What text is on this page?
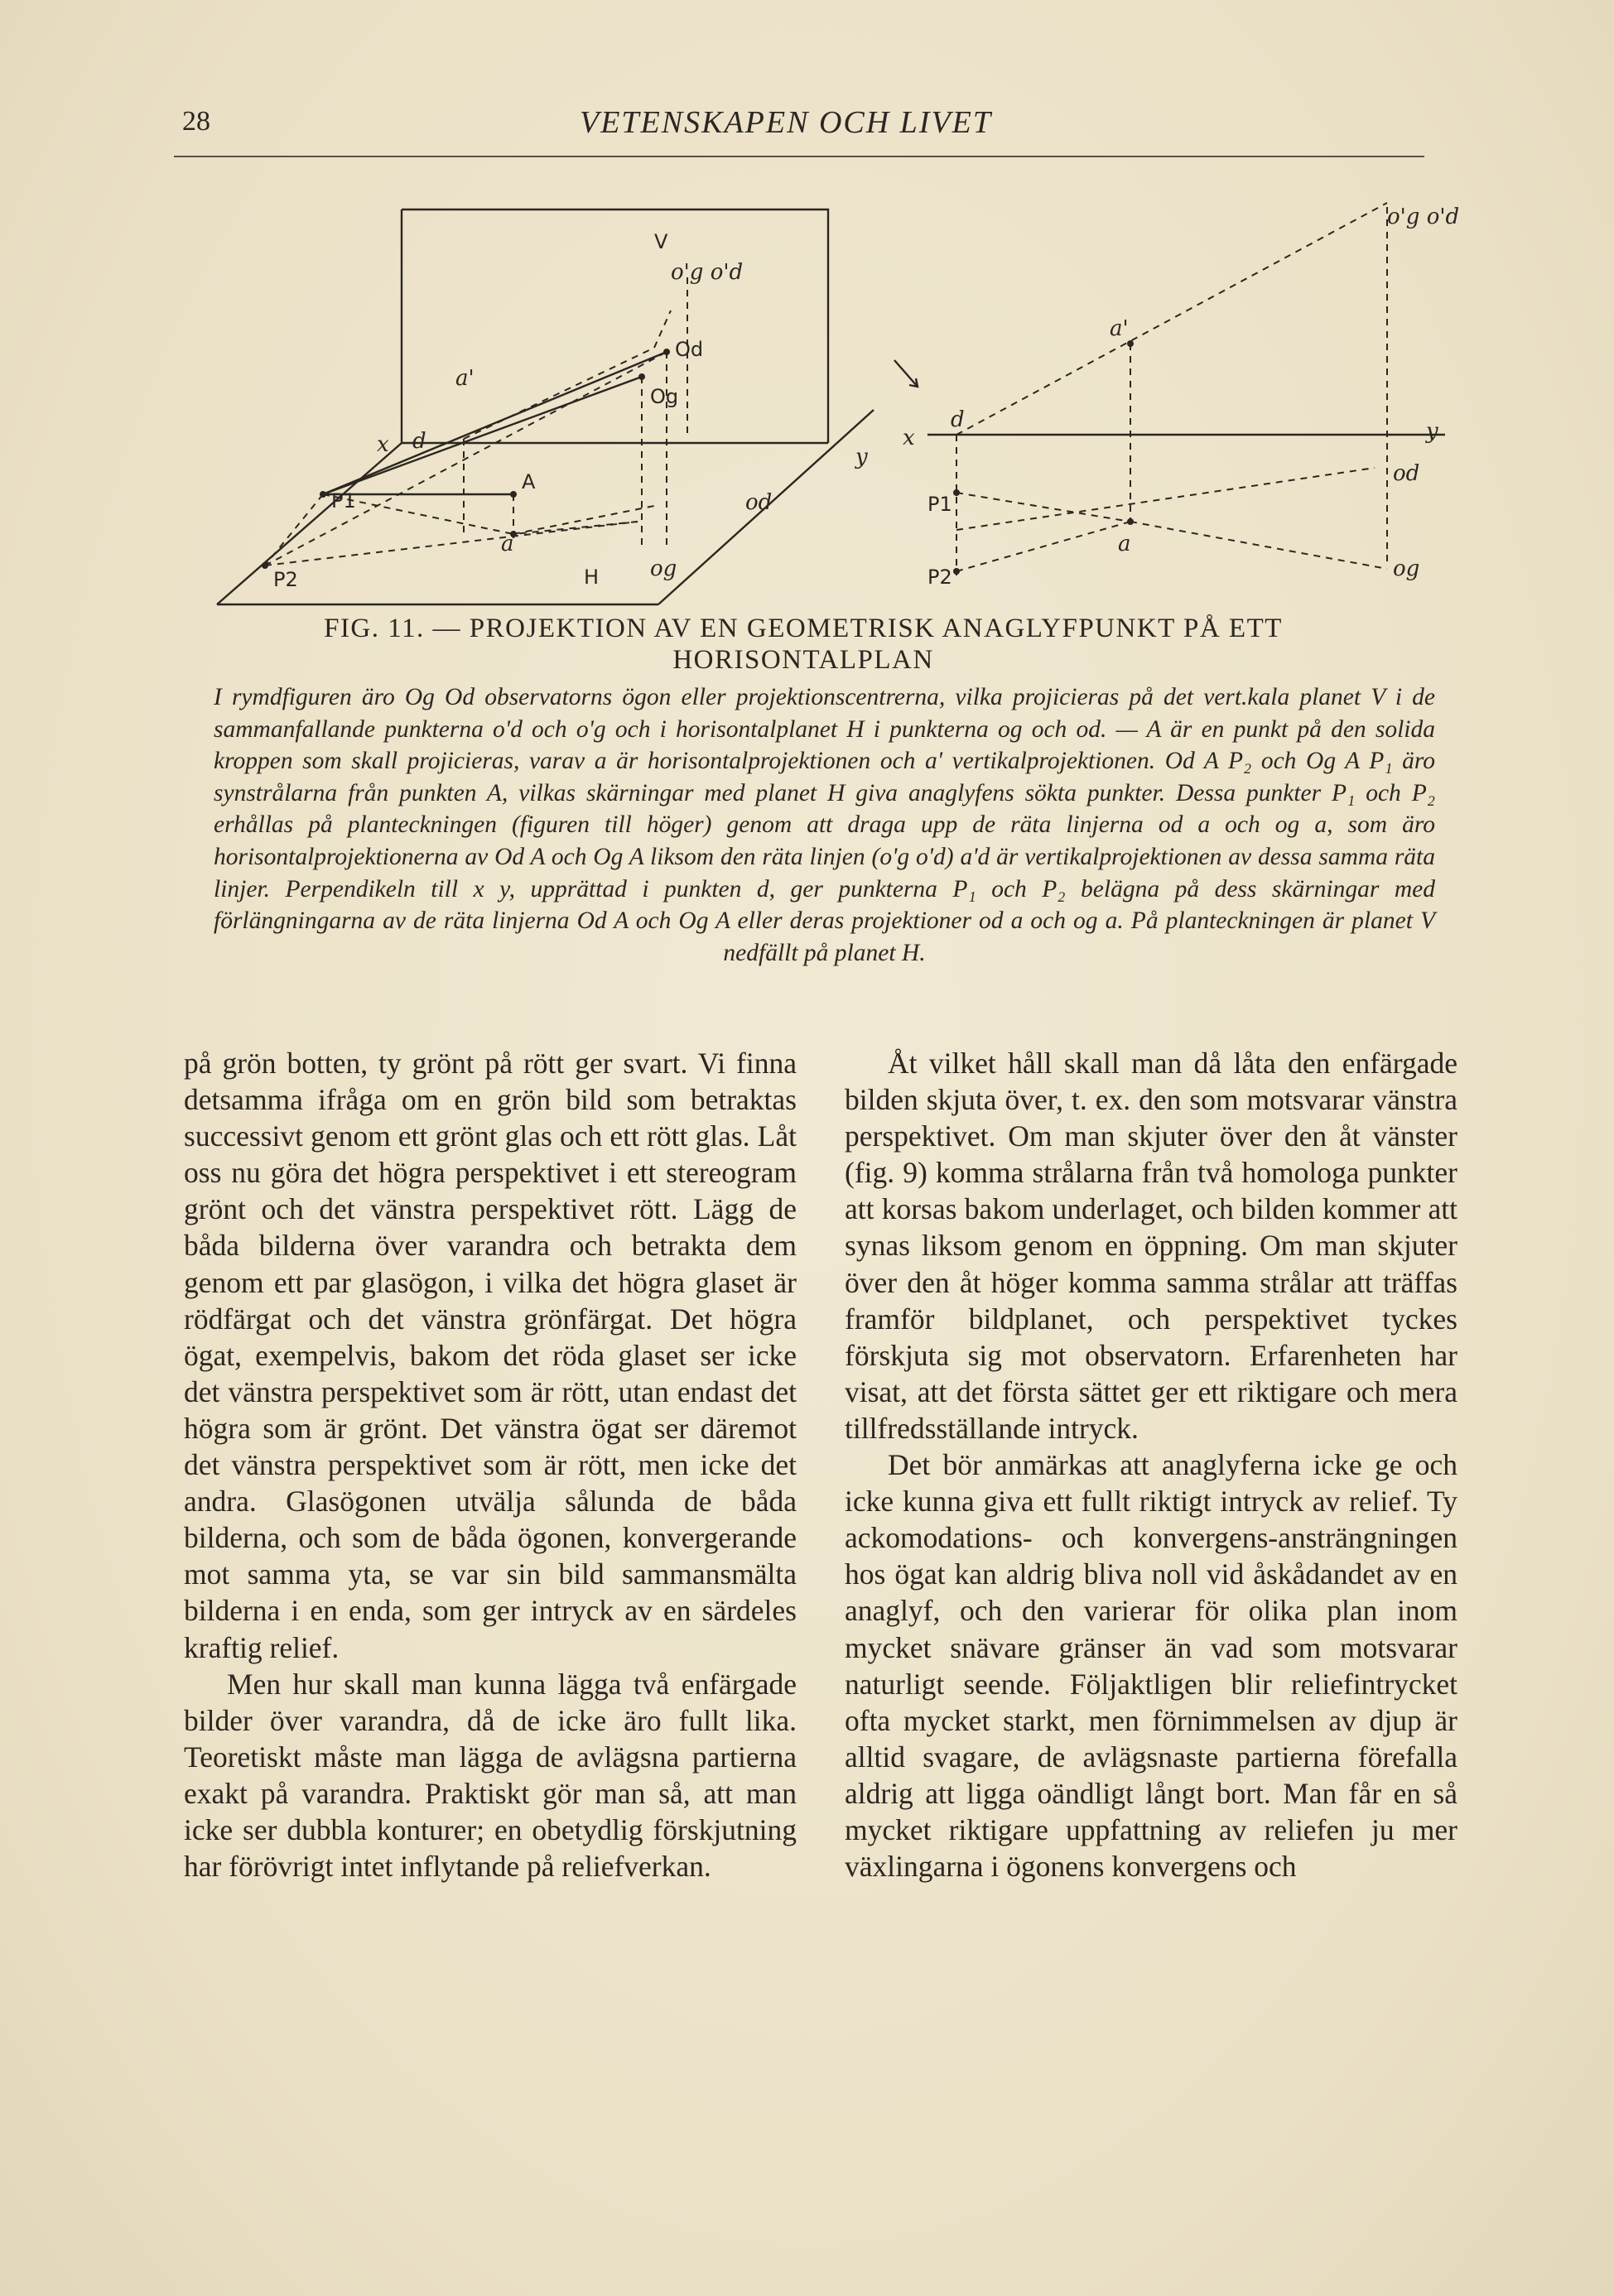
28	VETENSKAPEN OCH LIVET
V
o'g o'd
o'g o'd
a'
a'
Od
Og
x	x
d
d
A
P1	P1
P2	P2
a	a
H og	og
od
od
y
y
FIG. 11. — PROJEKTION AV EN GEOMETRISK ANAGLYFPUNKT PÅ ETT
HORISONTALPLAN
I rymdfiguren äro Og Od observatorns ögon eller projektionscentrerna, vilka projicieras på det vert.kala planet V i de sammanfallande punkterna o'd och o'g och i horisontalplanet H i punkterna og och od. — A är en punkt på den solida kroppen som skall projicieras, varav a är horisontalprojektionen och a' vertikalprojektionen. Od A P₂ och Og A P₁ äro synstrålarna från punkten A, vilkas skärningar med planet H giva anaglyfens sökta punkter. Dessa punkter P₁ och P₂ erhållas på planteckningen (figuren till höger) genom att draga upp de räta linjerna od a och og a, som äro horisontalprojektionerna av Od A och Og A liksom den räta linjen (o'g o'd) a'd är vertikalprojektionen av dessa samma räta linjer. Perpendikeln till x y, upprättad i punkten d, ger punkterna P₁ och P₂ belägna på dess skärningar med förlängningarna av de räta linjerna Od A och Og A eller deras projektioner od a och og a. På planteckningen är planet V nedfällt på planet H.

på grön botten, ty grönt på rött ger svart. Vi finna detsamma ifråga om en grön bild som betraktas successivt genom ett grönt glas och ett rött glas. Låt oss nu göra det högra perspektivet i ett stereogram grönt och det vänstra perspektivet rött. Lägg de båda bilderna över varandra och betrakta dem genom ett par glasögon, i vilka det högra glaset är rödfärgat och det vänstra grönfärgat. Det högra ögat, exempelvis, bakom det röda glaset ser icke det vänstra perspektivet som är rött, utan endast det högra som är grönt. Det vänstra ögat ser däremot det vänstra perspektivet som är rött, men icke det andra. Glasögonen utvälja sålunda de båda bilderna, och som de båda ögonen, konvergerande mot samma yta, se var sin bild sammansmälta bilderna i en enda, som ger intryck av en särdeles kraftig relief.

Men hur skall man kunna lägga två enfärgade bilder över varandra, då de icke äro fullt lika. Teoretiskt måste man lägga de avlägsna partierna exakt på varandra. Praktiskt gör man så, att man icke ser dubbla konturer; en obetydlig förskjutning har förövrigt intet inflytande på reliefverkan.

Åt vilket håll skall man då låta den enfärgade bilden skjuta över, t. ex. den som motsvarar vänstra perspektivet. Om man skjuter över den åt vänster (fig. 9) komma strålarna från två homologa punkter att korsas bakom underlaget, och bilden kommer att synas liksom genom en öppning. Om man skjuter över den åt höger komma samma strålar att träffas framför bildplanet, och perspektivet tyckes förskjuta sig mot observatorn. Erfarenheten har visat, att det första sättet ger ett riktigare och mera tillfredsställande intryck.

Det bör anmärkas att anaglyferna icke ge och icke kunna giva ett fullt riktigt intryck av relief. Ty ackomodations- och konvergens-ansträngningen hos ögat kan aldrig bliva noll vid åskådandet av en anaglyf, och den varierar för olika plan inom mycket snävare gränser än vad som motsvarar naturligt seende. Följaktligen blir reliefintrycket ofta mycket starkt, men förnimmelsen av djup är alltid svagare, de avlägsnaste partierna förefalla aldrig att ligga oändligt långt bort. Man får en så mycket riktigare uppfattning av reliefen ju mer växlingarna i ögonens konvergens och
